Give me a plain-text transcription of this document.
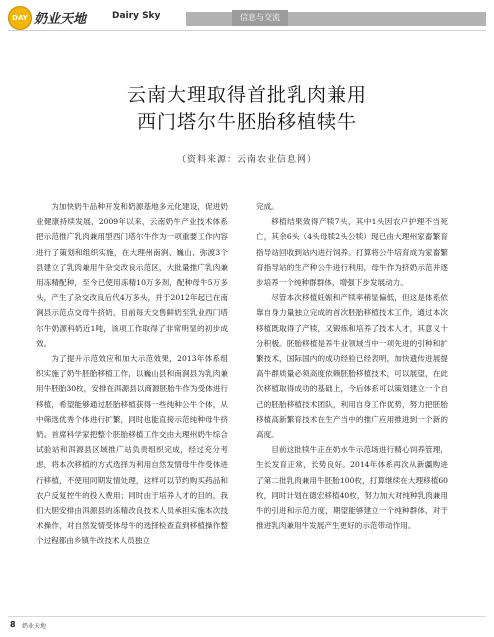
DAY 奶业天地	Dairy Sky	信息与交流
云南大理取得首批乳肉兼用
西门塔尔牛胚胎移植犊牛
（资料来源：云南农业信息网）

为加快奶牛品种开发和奶源基地多元化建设，促进奶业健康持续发展，2009年以来，云南奶牛产业技术体系把示范推广乳肉兼用型西门塔尔牛作为一项重要工作内容进行了策划和组织实施，在大理州南涧、巍山、弥渡3个县建立了乳肉兼用牛杂交改良示范区，大批量推广乳肉兼用冻精配种，至今已使用冻精10万多剂，配种母牛5万多头，产生了杂交改良后代4万多头，并于2012年起已在南涧县示范点交母牛挤奶，目前每天交售鲜奶至乳业西门塔尔牛奶源科奶近1吨，该项工作取得了非常明显的初步成效。

为了提升示范效应和加大示范效果，2013年体系组织实施了奶牛胚胎移植工作，以巍山县和南涧县为乳肉兼用牛胚胎30枚，安排在洱源县以商源胚胎牛作为受体进行移植，希望能够通过胚胎移植获得一些纯种公牛个体，从中筛选优秀个体进行扩繁，同时也能直接示范纯种母牛挤奶。首席科学家把整个胚胎移植工作交由大理州奶牛综合试验站和洱源县区域推广站负责组织完成，经过充分考虑，将本次移植的方式选择为利用自然发情母牛作受体进行移植，不使用同期发情处理，这样可以节约购买药品和农户反复控牛的投入费用；同时由于培养人才的目的，我们大胆安排由洱源县的冻精改良技术人员承担实施本次技术操作，对自然发情受体母牛的选择检查直到移植操作整个过程都由乡镇牛改技术人员独立

完成。

移植结果致得产犊7头，其中1头因农户护理不当死亡，其余6头（4头母犊2头公犊）现已由大理州家畜繁育指导站回收到站内进行饲养。打算将公牛培育成为家畜繁育指导站的生产种公牛进行利用，母牛作为挤奶示范并逐步培养一个纯种群群体，增强下步发展动力。

尽管本次移植妊娠和产犊率稍显偏低，但这是体系依靠自身力量独立完成的首次胚胎移植技术工作，通过本次移植既取得了产犊，又锻炼和培养了技术人才，其意义十分积极。胚胎移植是养牛业领域当中一项先进的引种和扩繁技术，国际国内的成功经验已经表明，加快遗传进展提高牛群质量必须高度依赖胚胎移植技术，可以展望，在此次移植取得成功的基础上，今后体系可以策划建立一个自己的胚胎移植技术团队，利用自身工作优势，努力把胚胎移植高新繁育技术在生产当中的推广应用推进到一个新的高度。

目前这批犊牛正在奶水牛示范场进行精心饲养管理，生长发育正常，长势良好。2014年体系再次从新疆购进了第二批乳肉兼用牛胚胎100枚，打算继续在大理移植60枚，同时计划在德宏移植40枚，努力加大对纯种乳肉兼用牛的引进和示范力度，期望能够建立一个纯种群体，对于推进乳肉兼用牛发展产生更好的示范带动作用。

8 奶业天地
